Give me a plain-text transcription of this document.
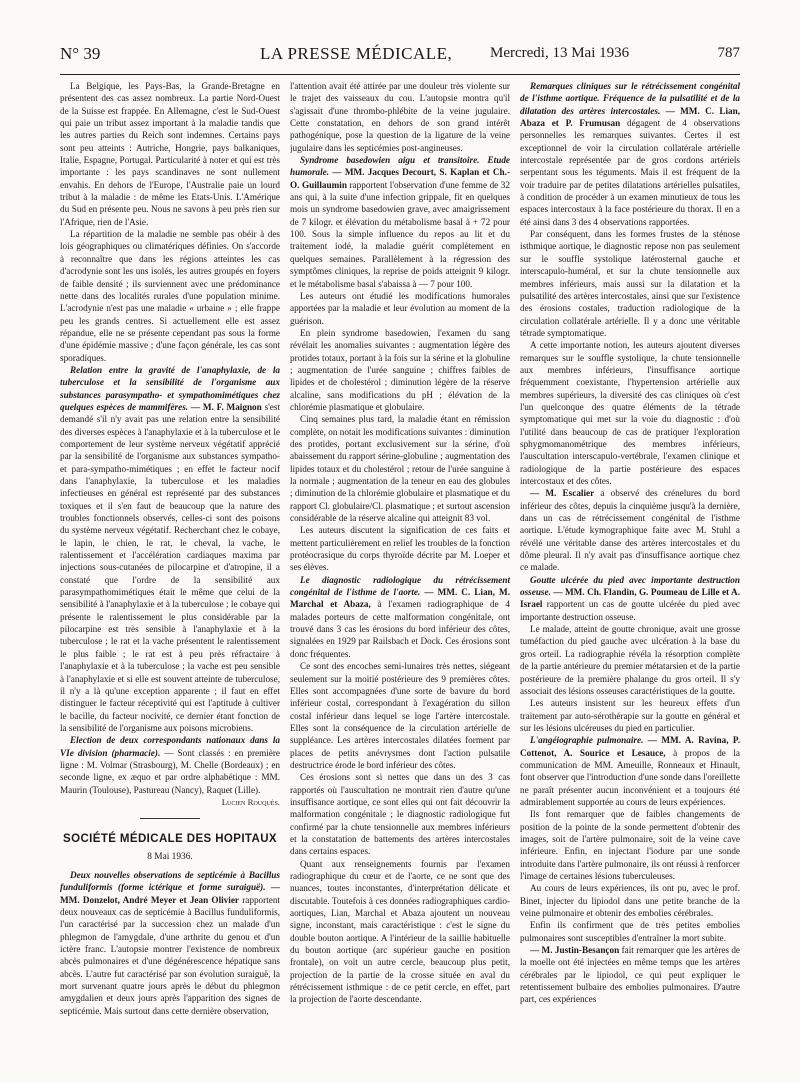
N° 39	LA PRESSE MÉDICALE,	Mercredi, 13 Mai 1936	787

La Belgique, les Pays-Bas, la Grande-Bretagne en présentent des cas assez nombreux. La partie Nord-Ouest de la Suisse est frappée. En Allemagne, c'est le Sud-Ouest qui paie un tribut assez important à la maladie tandis que les autres parties du Reich sont indemnes. Certains pays sont peu atteints : Autriche, Hongrie, pays balkaniques, Italie, Espagne, Portugal. Particularité à noter et qui est très importante : les pays scandinaves ne sont nullement envahis. En dehors de l'Europe, l'Australie paie un lourd tribut à la maladie : de même les Etats-Unis. L'Amérique du Sud en présente peu. Nous ne savons à peu près rien sur l'Afrique, rien de l'Asie.

La répartition de la maladie ne semble pas obéir à des lois géographiques ou climatériques définies. On s'accorde à reconnaître que dans les régions atteintes les cas d'acrodynie sont les uns isolés, les autres groupés en foyers de faible densité ; ils surviennent avec une prédominance nette dans des localités rurales d'une population minime. L'acrodynie n'est pas une maladie « urbaine » ; elle frappe peu les grands centres. Si actuellement elle est assez répandue, elle ne se présente cependant pas sous la forme d'une épidémie massive ; d'une façon générale, les cas sont sporadiques.

Relation entre la gravité de l'anaphylaxie, de la tuberculose et la sensibilité de l'organisme aux substances parasympatho- et sympathomimétiques chez quelques espèces de mammifères. — M. F. Maignon s'est demandé s'il n'y avait pas une relation entre la sensibilité des diverses espèces à l'anaphylaxie et à la tuberculose et le comportement de leur système nerveux végétatif apprécié par la sensibilité de l'organisme aux substances sympatho- et para-sympatho-mimétiques ; en effet le facteur nocif dans l'anaphylaxie, la tuberculose et les maladies infectieuses en général est représenté par des substances toxiques et il s'en faut de beaucoup que la nature des troubles fonctionnels observés, celles-ci sont des poisons du système nerveux végétatif. Recherchant chez le cobaye, le lapin, le chien, le rat, le cheval, la vache, le ralentissement et l'accélération cardiaques maxima par injections sous-cutanées de pilocarpine et d'atropine, il a constaté que l'ordre de la sensibilité aux parasympathomimétiques était le même que celui de la sensibilité à l'anaphylaxie et à la tuberculose ; le cobaye qui présente le ralentissement le plus considérable par la pilocarpine est très sensible à l'anaphylaxie et à la tuberculose ; le rat et la vache présentent le ralentissement le plus faible ; le rat est à peu près réfractaire à l'anaphylaxie et à la tuberculose ; la vache est peu sensible à l'anaphylaxie et si elle est souvent atteinte de tuberculose, il n'y a là qu'une exception apparente ; il faut en effet distinguer le facteur réceptivité qui est l'aptitude à cultiver le bacille, du facteur nocivité, ce dernier étant fonction de la sensibilité de l'organisme aux poisons microbiens.

Election de deux correspondants nationaux dans la VIe division (pharmacie). — Sont classés : en première ligne : M. Volmar (Strasbourg), M. Chelle (Bordeaux) ; en seconde ligne, ex æquo et par ordre alphabétique : MM. Maurin (Toulouse), Pastureau (Nancy), Raquet (Lille).

Lucien Rouquès.

SOCIÉTÉ MÉDICALE DES HOPITAUX
8 Mai 1936.

Deux nouvelles observations de septicémie à Bacillus funduliformis (forme ictérique et forme suraiguë). — MM. Donzelot, André Meyer et Jean Olivier rapportent deux nouveaux cas de septicémie à Bacillus funduliformis, l'un caractérisé par la succession chez un malade d'un phlegmon de l'amygdale, d'une arthrite du genou et d'un ictère franc. L'autopsie montrer l'existence de nombreux abcès pulmonaires et d'une dégénérescence hépatique sans abcès. L'autre fut caractérisé par son évolution suraiguë, la mort survenant quatre jours après le début du phlegmon amygdalien et deux jours après l'apparition des signes de septicémie. Mais surtout dans cette dernière observation,

l'attention avait été attirée par une douleur très violente sur le trajet des vaisseaux du cou. L'autopsie montra qu'il s'agissait d'une thrombo-phlébite de la veine jugulaire. Cette constatation, en dehors de son grand intérêt pathogénique, pose la question de la ligature de la veine jugulaire dans les septicémies post-angineuses.

Syndrome basedowien aigu et transitoire. Etude humorale. — MM. Jacques Decourt, S. Kaplan et Ch.-O. Guillaumin rapportent l'observation d'une femme de 32 ans qui, à la suite d'une infection grippale, fit en quelques mois un syndrome basedowien grave, avec amaigrissement de 7 kilogr. et élévation du métabolisme basal à + 72 pour 100. Sous la simple influence du repos au lit et du traitement iodé, la maladie guérit complètement en quelques semaines. Parallèlement à la régression des symptômes cliniques, la reprise de poids atteignit 9 kilogr. et le métabolisme basal s'abaissa à — 7 pour 100.

Les auteurs ont étudié les modifications humorales apportées par la maladie et leur évolution au moment de la guérison.

En plein syndrome basedowien, l'examen du sang révélait les anomalies suivantes : augmentation légère des protides totaux, portant à la fois sur la sérine et la globuline ; augmentation de l'urée sanguine ; chiffres faibles de lipides et de cholestérol ; diminution légère de la réserve alcaline, sans modifications du pH ; élévation de la chlorémie plasmatique et globulaire.

Cinq semaines plus tard, la maladie étant en rémission complète, on notait les modifications suivantes : diminution des protides, portant exclusivement sur la sérine, d'où abaissement du rapport sérine-globuline ; augmentation des lipides totaux et du cholestérol ; retour de l'urée sanguine à la normale ; augmentation de la teneur en eau des globules ; diminution de la chlorémie globulaire et plasmatique et du rapport Cl. globulaire/Cl. plasmatique ; et surtout ascension considérable de la réserve alcaline qui atteignit 83 vol.

Les auteurs discutent la signification de ces faits et mettent particulièrement en relief les troubles de la fonction protéocrasique du corps thyroïde décrite par M. Loeper et ses élèves.

Le diagnostic radiologique du rétrécissement congénital de l'isthme de l'aorte. — MM. C. Lian, M. Marchal et Abaza, à l'examen radiographique de 4 malades porteurs de cette malformation congénitale, ont trouvé dans 3 cas les érosions du bord inférieur des côtes, signalées en 1929 par Railsbach et Dock. Ces érosions sont donc fréquentes.

Ce sont des encoches semi-lunaires très nettes, siégeant seulement sur la moitié postérieure des 9 premières côtes. Elles sont accompagnées d'une sorte de bavure du bord inférieur costal, correspondant à l'exagération du sillon costal inférieur dans lequel se loge l'artère intercostale. Elles sont la conséquence de la circulation artérielle de suppléance. Les artères intercostales dilatées forment par places de petits anévrysmes dont l'action pulsatile destructrice érode le bord inférieur des côtes.

Ces érosions sont si nettes que dans un des 3 cas rapportés où l'auscultation ne montrait rien d'autre qu'une insuffisance aortique, ce sont elles qui ont fait découvrir la malformation congénitale ; le diagnostic radiologique fut confirmé par la chute tensionnelle aux membres inférieurs et la constatation de battements des artères intercostales dans certains espaces.

Quant aux renseignements fournis par l'examen radiographique du cœur et de l'aorte, ce ne sont que des nuances, toutes inconstantes, d'interprétation délicate et discutable. Toutefois à ces données radiographiques cardio-aortiques, Lian, Marchal et Abaza ajoutent un nouveau signe, inconstant, mais caractéristique : c'est le signe du double bouton aortique. A l'intérieur de la saillie habituelle du bouton aortique (arc supérieur gauche en position frontale), on voit un autre cercle, beaucoup plus petit, projection de la partie de la crosse située en aval du rétrécissement isthmique : de ce petit cercle, en effet, part la projection de l'aorte descendante.

Remarques cliniques sur le rétrécissement congénital de l'isthme aortique. Fréquence de la pulsatilité et de la dilatation des artères intercostales. — MM. C. Lian, Abaza et P. Frumusan dégagent de 4 observations personnelles les remarques suivantes. Certes il est exceptionnel de voir la circulation collatérale artérielle intercostale représentée par de gros cordons artériels serpentant sous les téguments. Mais il est fréquent de la voir traduire par de petites dilatations artérielles pulsatiles, à condition de procéder à un examen minutieux de tous les espaces intercostaux à la face postérieure du thorax. Il en a été ainsi dans 3 des 4 observations rapportées.

Par conséquent, dans les formes frustes de la sténose isthmique aortique, le diagnostic repose non pas seulement sur le souffle systolique latérosternal gauche et interscapulo-huméral, et sur la chute tensionnelle aux membres inférieurs, mais aussi sur la dilatation et la pulsatilité des artères intercostales, ainsi que sur l'existence des érosions costales, traduction radiologique de la circulation collatérale artérielle. Il y a donc une véritable tétrade symptomatique.

A cette importante notion, les auteurs ajoutent diverses remarques sur le souffle systolique, la chute tensionnelle aux membres inférieurs, l'insuffisance aortique fréquemment coexistante, l'hypertension artérielle aux membres supérieurs, la diversité des cas cliniques où c'est l'un quelconque des quatre éléments de la tétrade symptomatique qui met sur la voie du diagnostic : d'où l'utilité dans beaucoup de cas de pratiquer l'exploration sphygmomanométrique des membres inférieurs, l'auscultation interscapulo-vertébrale, l'examen clinique et radiologique de la partie postérieure des espaces intercostaux et des côtes.

— M. Escalier a observé des crénelures du bord inférieur des côtes, depuis la cinquième jusqu'à la dernière, dans un cas de rétrécissement congénital de l'isthme aortique. L'étude kymographique faite avec M. Stuhl a révélé une véritable danse des artères intercostales et du dôme pleural. Il n'y avait pas d'insuffisance aortique chez ce malade.

Goutte ulcérée du pied avec importante destruction osseuse. — MM. Ch. Flandin, G. Poumeau de Lille et A. Israel rapportent un cas de goutte ulcérée du pied avec importante destruction osseuse.

Le malade, atteint de goutte chronique, avait une grosse tuméfaction du pied gauche avec ulcération à la base du gros orteil. La radiographie révéla la résorption complète de la partie antérieure du premier métatarsien et de la partie postérieure de la première phalange du gros orteil. Il s'y associait des lésions osseuses caractéristiques de la goutte.

Les auteurs insistent sur les heureux effets d'un traitement par auto-sérothérapie sur la goutte en général et sur les lésions ulcéreuses du pied en particulier.

L'angéiographie pulmonaire. — MM. A. Ravina, P. Cottenot, A. Sourice et Lesauce, à propos de la communication de MM. Ameuille, Ronneaux et Hinault, font observer que l'introduction d'une sonde dans l'oreillette ne paraît présenter aucun inconvénient et a toujours été admirablement supportée au cours de leurs expériences.

Ils font remarquer que de faibles changements de position de la pointe de la sonde permettent d'obtenir des images, soit de l'artère pulmonaire, soit de la veine cave inférieure. Enfin, en injectant l'iodure par une sonde introduite dans l'artère pulmonaire, ils ont réussi à renforcer l'image de certaines lésions tuberculeuses.

Au cours de leurs expériences, ils ont pu, avec le prof. Binet, injecter du lipiodol dans une petite branche de la veine pulmonaire et obtenir des embolies cérébrales.

Enfin ils confirment que de très petites embolies pulmonaires sont susceptibles d'entraîner la mort subite.

— M. Justin-Besançon fait remarquer que les artères de la moelle ont été injectées en même temps que les artères cérébrales par le lipiodol, ce qui peut expliquer le retentissement bulbaire des embolies pulmonaires. D'autre part, ces expériences
